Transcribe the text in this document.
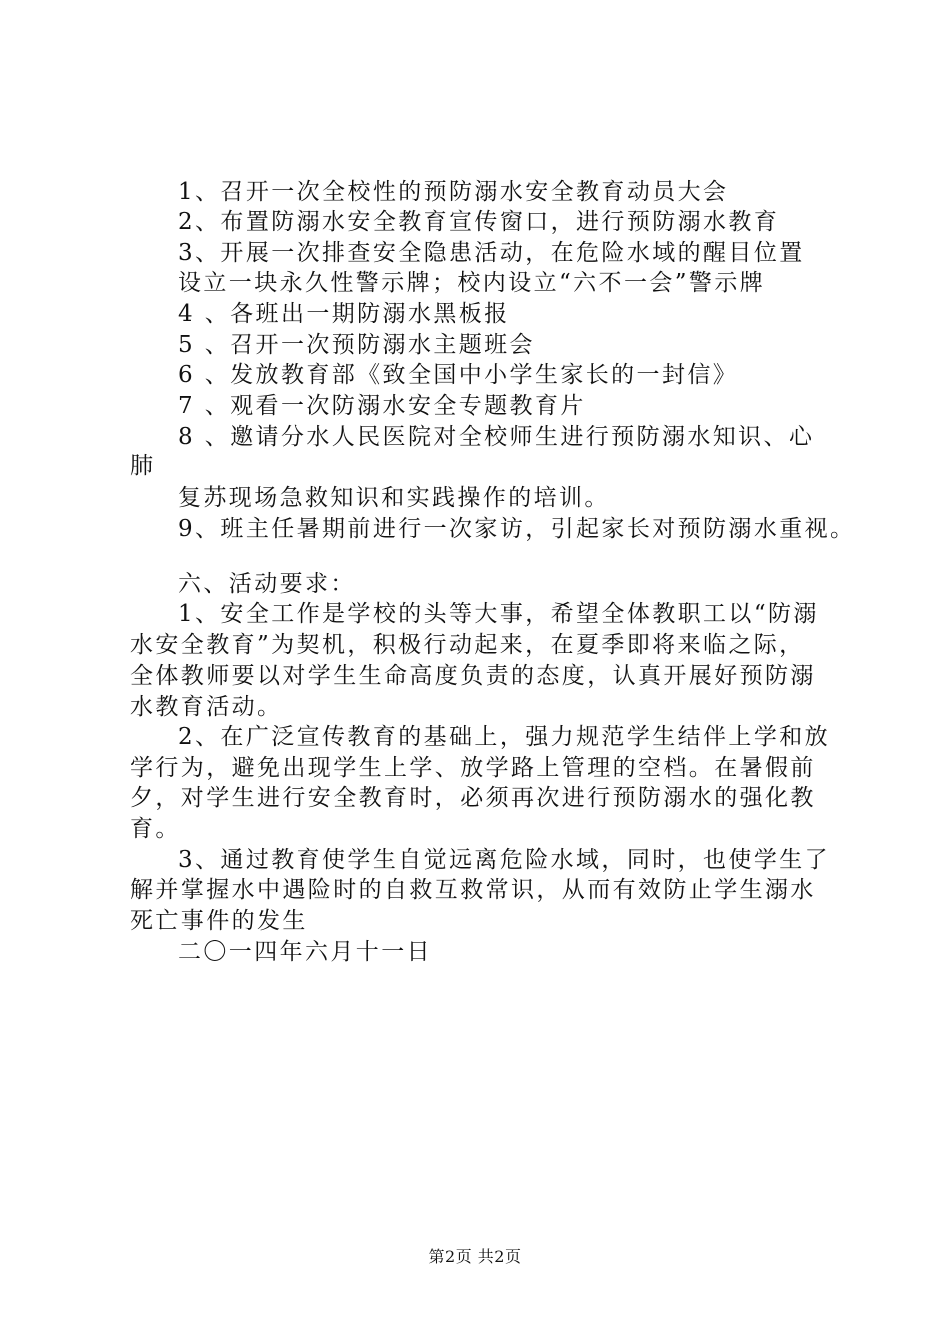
1、召开一次全校性的预防溺水安全教育动员大会
2、布置防溺水安全教育宣传窗口，进行预防溺水教育
3、开展一次排查安全隐患活动，在危险水域的醒目位置
设立一块永久性警示牌；校内设立“六不一会”警示牌
4 、各班出一期防溺水黑板报
5 、召开一次预防溺水主题班会
6 、发放教育部《致全国中小学生家长的一封信》
7 、观看一次防溺水安全专题教育片
8 、邀请分水人民医院对全校师生进行预防溺水知识、心
肺
复苏现场急救知识和实践操作的培训。
9、班主任暑期前进行一次家访，引起家长对预防溺水重视。
六、活动要求：
1、安全工作是学校的头等大事，希望全体教职工以“防溺
水安全教育”为契机，积极行动起来，在夏季即将来临之际，
全体教师要以对学生生命高度负责的态度，认真开展好预防溺
水教育活动。
2、在广泛宣传教育的基础上，强力规范学生结伴上学和放
学行为，避免出现学生上学、放学路上管理的空档。在暑假前
夕，对学生进行安全教育时，必须再次进行预防溺水的强化教
育。
3、通过教育使学生自觉远离危险水域，同时，也使学生了
解并掌握水中遇险时的自救互救常识，从而有效防止学生溺水
死亡事件的发生
二〇一四年六月十一日
第2页 共2页
